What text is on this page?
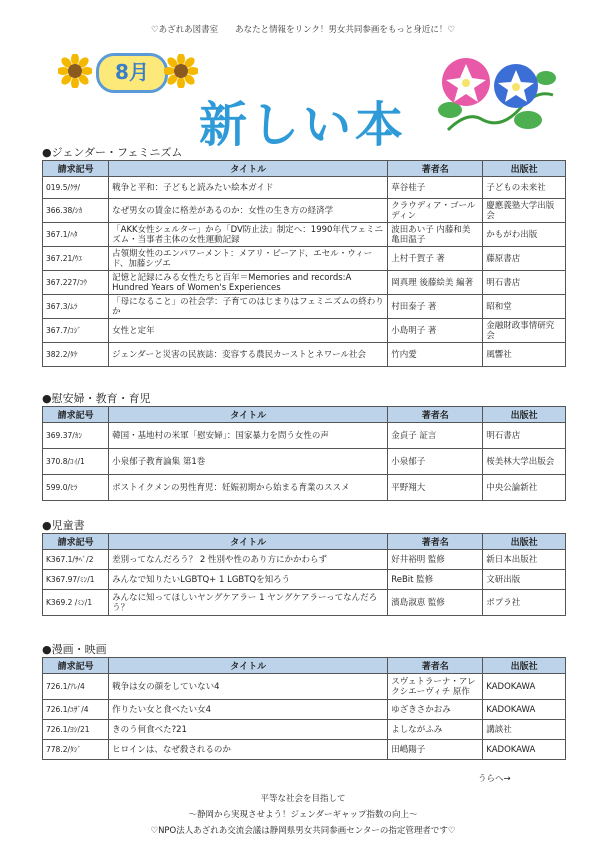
♡あざれあ図書室　　あなたと情報をリンク！男女共同参画をもっと身近に！♡
8月
新しい本
●ジェンダー・フェミニズム
請求記号	タイトル	著者名	出版社
019.5/ｸｻ/	戦争と平和：子どもと読みたい絵本ガイド	草谷桂子	子どもの未来社
366.38/ｼｶ	なぜ男女の賃金に格差があるのか：女性の生き方の経済学	クラウディア・ゴールディン	慶應義塾大学出版会
367.1/ﾊﾀ	「AKK女性シェルター」から「DV防止法」制定へ：1990年代フェミニズム・当事者主体の女性運動記録	波田あい子 内藤和美 亀田温子	かもがわ出版
367.21/ｳｴ	占領期女性のエンパワーメント：メアリ・ビーアド、エセル・ウィード、加藤シヅエ	上村千賀子 著	藤原書店
367.227/ｺｳ	記憶と記録にみる女性たちと百年＝Memories and records:A Hundred Years of Women's Experiences	岡真理 後藤絵美 編著	明石書店
367.3/ﾑﾗ	「母になること」の社会学：子育てのはじまりはフェミニズムの終わりか	村田泰子 著	昭和堂
367.7/ｺｼﾞ	女性と定年	小島明子 著	金融財政事情研究会
382.2/ﾀｹ	ジェンダーと災害の民族誌：変容する農民カーストとネワール社会	竹内愛	風響社
●慰安婦・教育・育児
請求記号	タイトル	著者名	出版社
369.37/ｶﾝ	韓国・基地村の米軍「慰安婦」：国家暴力を問う女性の声	金貞子 証言	明石書店
370.8/ｺｲ/1	小泉郁子教育論集 第1巻	小泉郁子	桜美林大学出版会
599.0/ﾋﾗ	ポストイクメンの男性育児：妊娠初期から始まる育業のススメ	平野翔大	中央公論新社
●児童書
請求記号	タイトル	著者名	出版社
K367.1/ｻﾍﾞ/2	差別ってなんだろう？ 2 性別や性のあり方にかかわらず	好井裕明 監修	新日本出版社
K367.97/ﾐﾝ/1	みんなで知りたいLGBTQ+ 1 LGBTQを知ろう	ReBit 監修	文研出版
K369.2 /ﾐﾝ/1	みんなに知ってほしいヤングケアラー 1 ヤングケアラーってなんだろう？	濱島淑恵 監修	ポプラ社
●漫画・映画
請求記号	タイトル	著者名	出版社
726.1/ｱﾚ/4	戦争は女の顔をしていない4	スヴェトラーナ・アレクシエーヴィチ 原作	KADOKAWA
726.1/ﾕｻﾞ/4	作りたい女と食べたい女4	ゆざきさかおみ	KADOKAWA
726.1/ﾖｼ/21	きのう何食べた?21	よしながふみ	講談社
778.2/ﾀｼﾞ	ヒロインは、なぜ殺されるのか	田嶋陽子	KADOKAWA
うらへ→
平等な社会を目指して
～静岡から実現させよう！ジェンダーギャップ指数の向上～
♡NPO法人あざれあ交流会議は静岡県男女共同参画センターの指定管理者です♡
